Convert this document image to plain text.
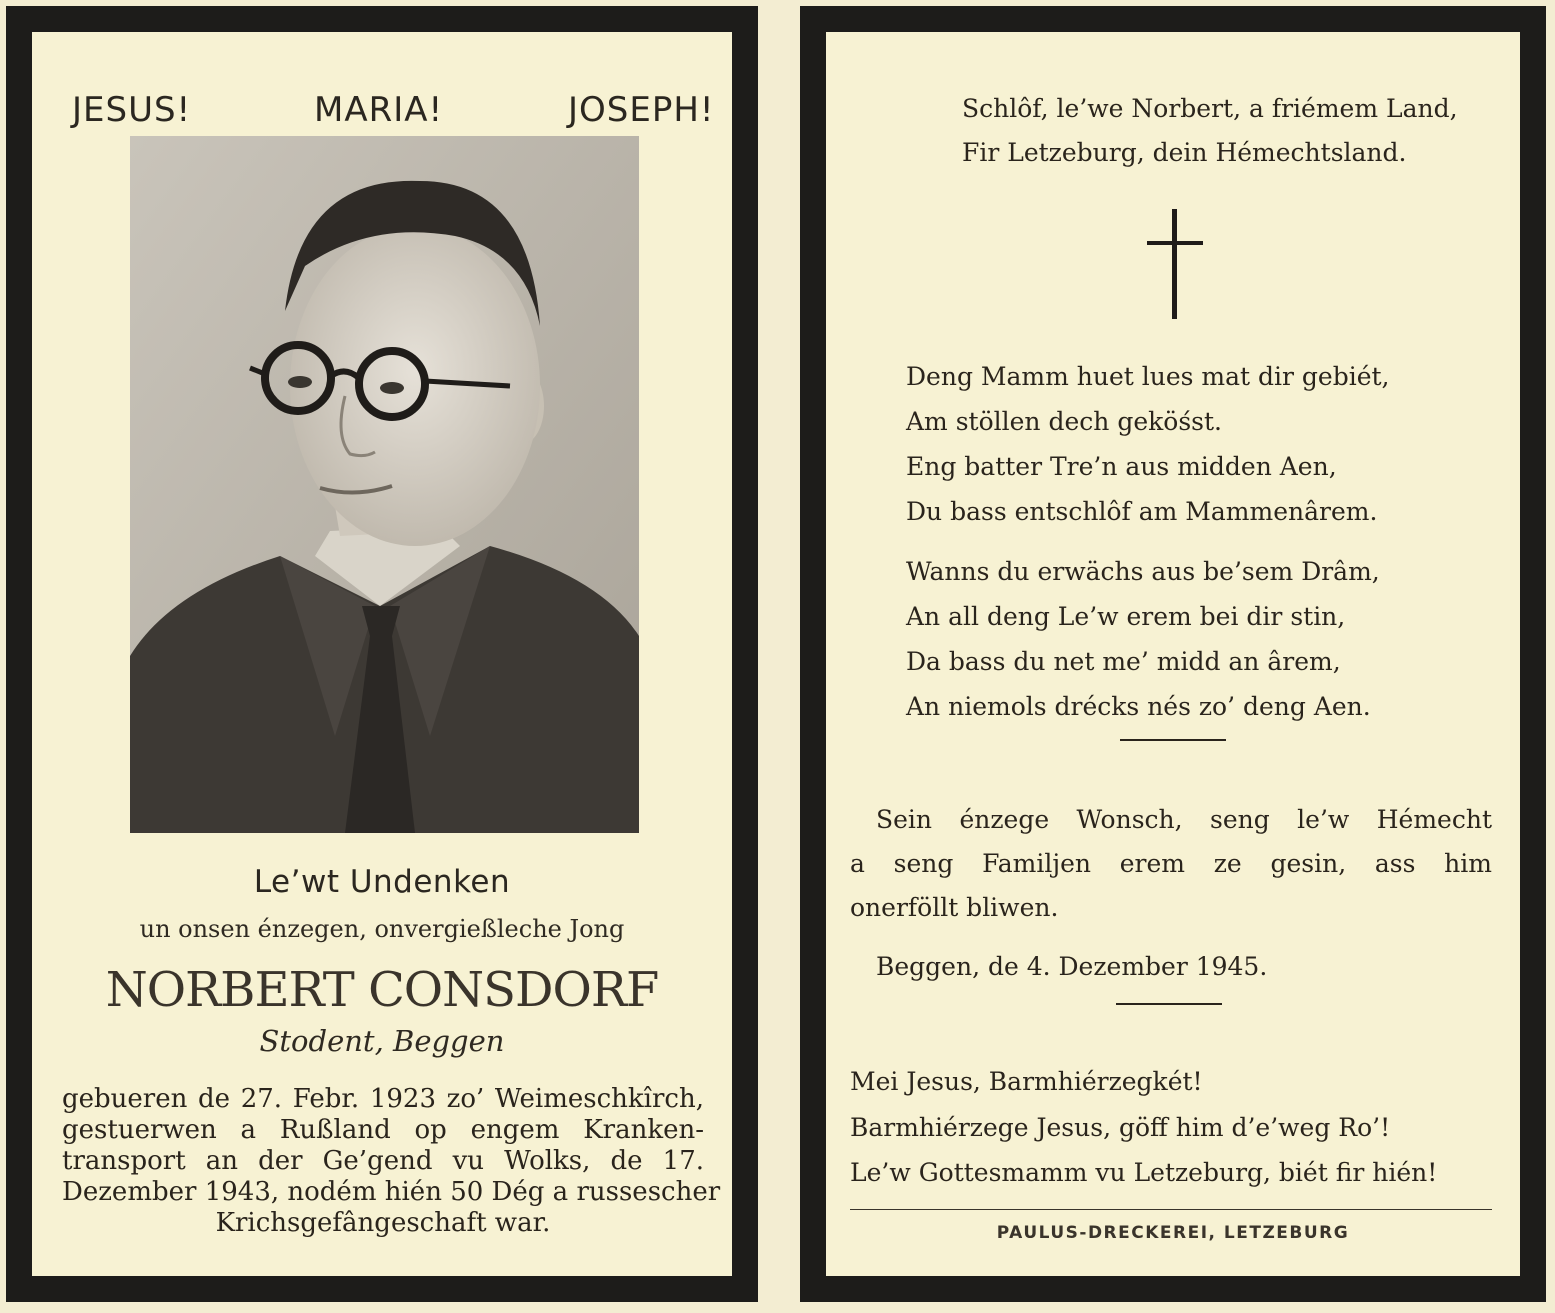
JESUS!	MARIA!	JOSEPH!

Le’wt Undenken

un onsen énzegen, onvergießleche Jong

NORBERT CONSDORF

Stodent, Beggen

gebueren de 27. Febr. 1923 zo’ Weimeschkîrch,
gestuerwen a Rußland op engem Kranken-
transport an der Ge’gend vu Wolks, de 17.
Dezember 1943, nodém hién 50 Dég a russescher
Krichsgefângeschaft war.

Schlôf, le’we Norbert, a friémem Land,

Fir Letzeburg, dein Hémechtsland.

Deng Mamm huet lues mat dir gebiét,
Am stöllen dech geköśst.
Eng batter Tre’n aus midden Aen,
Du bass entschlôf am Mammenârem.
Wanns du erwächs aus be’sem Drâm,
An all deng Le’w erem bei dir stin,
Da bass du net me’ midd an ârem,
An niemols drécks nés zo’ deng Aen.
Sein énzege Wonsch, seng le’w Hémecht
a seng Familjen erem ze gesin, ass him
onerföllt bliwen.

Beggen, de 4. Dezember 1945.

Mei Jesus, Barmhiérzegkét!

Barmhiérzege Jesus, göff him d’e’weg Ro’!

Le’w Gottesmamm vu Letzeburg, biét fir hién!

PAULUS-DRECKEREI, LETZEBURG
